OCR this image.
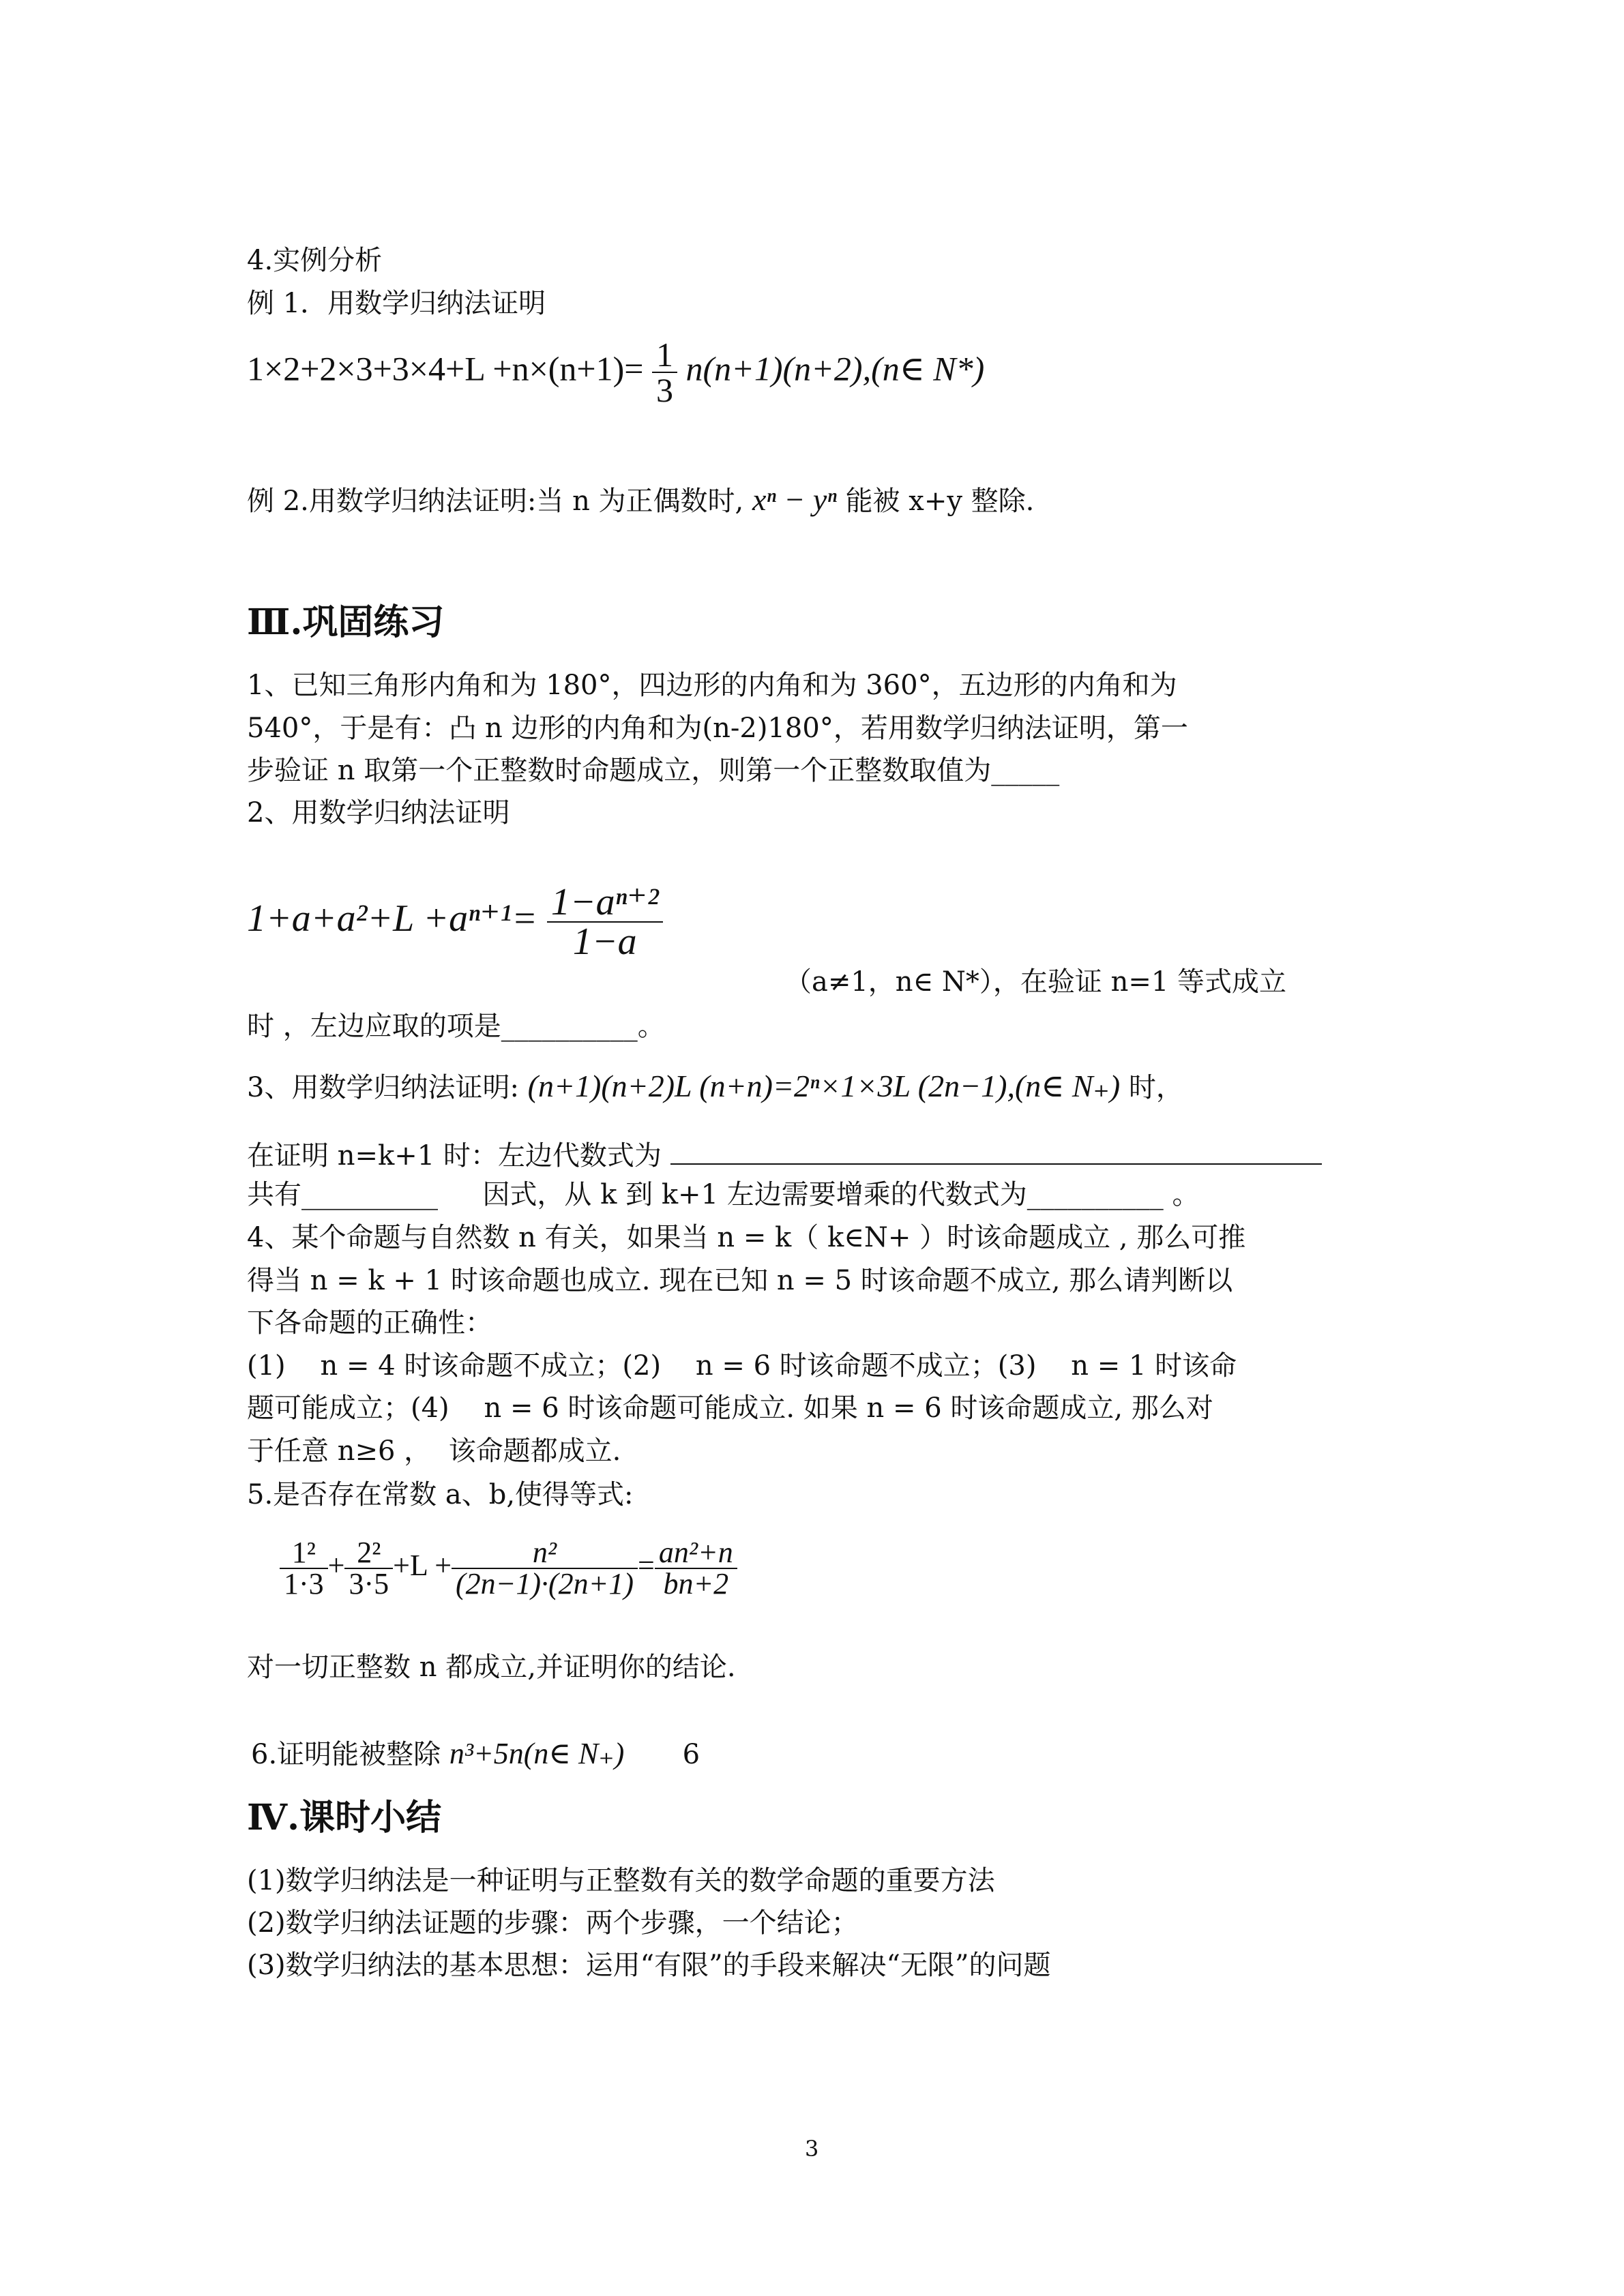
4.实例分析
例 1．用数学归纳法证明
$1\times 2+2\times 3+3\times 4+L +n\times(n+1)= \frac{1}{3}$ n(n+1)(n+2),(n∈ N*)
例 2.用数学归纳法证明:当 n 为正偶数时, xⁿ − yⁿ 能被 x+y 整除.
Ⅲ.巩固练习
1、已知三角形内角和为 180°，四边形的内角和为 360°，五边形的内角和为
540°，于是有：凸 n 边形的内角和为(n-2)180°，若用数学归纳法证明，第一
步验证 n 取第一个正整数时命题成立，则第一个正整数取值为_____
2、用数学归纳法证明
$1+a+a^2+L +a^{n+1}= \frac{\text{1−aⁿ⁺²}}{1-a}$
（a≠1，n∈ N*），在验证 n=1 等式成立
时 ，左边应取的项是__________。
3、用数学归纳法证明: (n+1)(n+2)L (n+n)=2ⁿ×1×3L (2n−1),(n∈ N₊) 时，
在证明 n=k+1 时：左边代数式为
共有__________ 因式，从 k 到 k+1 左边需要增乘的代数式为__________ 。
4、某个命题与自然数 n 有关，如果当 n = k（ k∈N+ ）时该命题成立 , 那么可推
得当 n = k + 1 时该命题也成立. 现在已知 n = 5 时该命题不成立, 那么请判断以
下各命题的正确性：
(1)    n = 4 时该命题不成立；(2)    n = 6 时该命题不成立；(3)    n = 1 时该命
题可能成立；(4)    n = 6 时该命题可能成立. 如果 n = 6 时该命题成立, 那么对
于任意 n≥6 ，  该命题都成立.
5.是否存在常数 a、b,使得等式:
$\frac{\text{1²}}{1\cdot 3} + \frac{\text{2²}}{3\cdot 5} +L + \frac{\text{n²}}{(2n-1)\cdot(2n+1)} = \frac{\text{an²+n}}{bn+2}$
对一切正整数 n 都成立,并证明你的结论.
6.证明能被整除 n³+5n(n∈ N₊) 6
Ⅳ.课时小结
(1)数学归纳法是一种证明与正整数有关的数学命题的重要方法
(2)数学归纳法证题的步骤：两个步骤，一个结论；
(3)数学归纳法的基本思想：运用“有限”的手段来解决“无限”的问题
3
